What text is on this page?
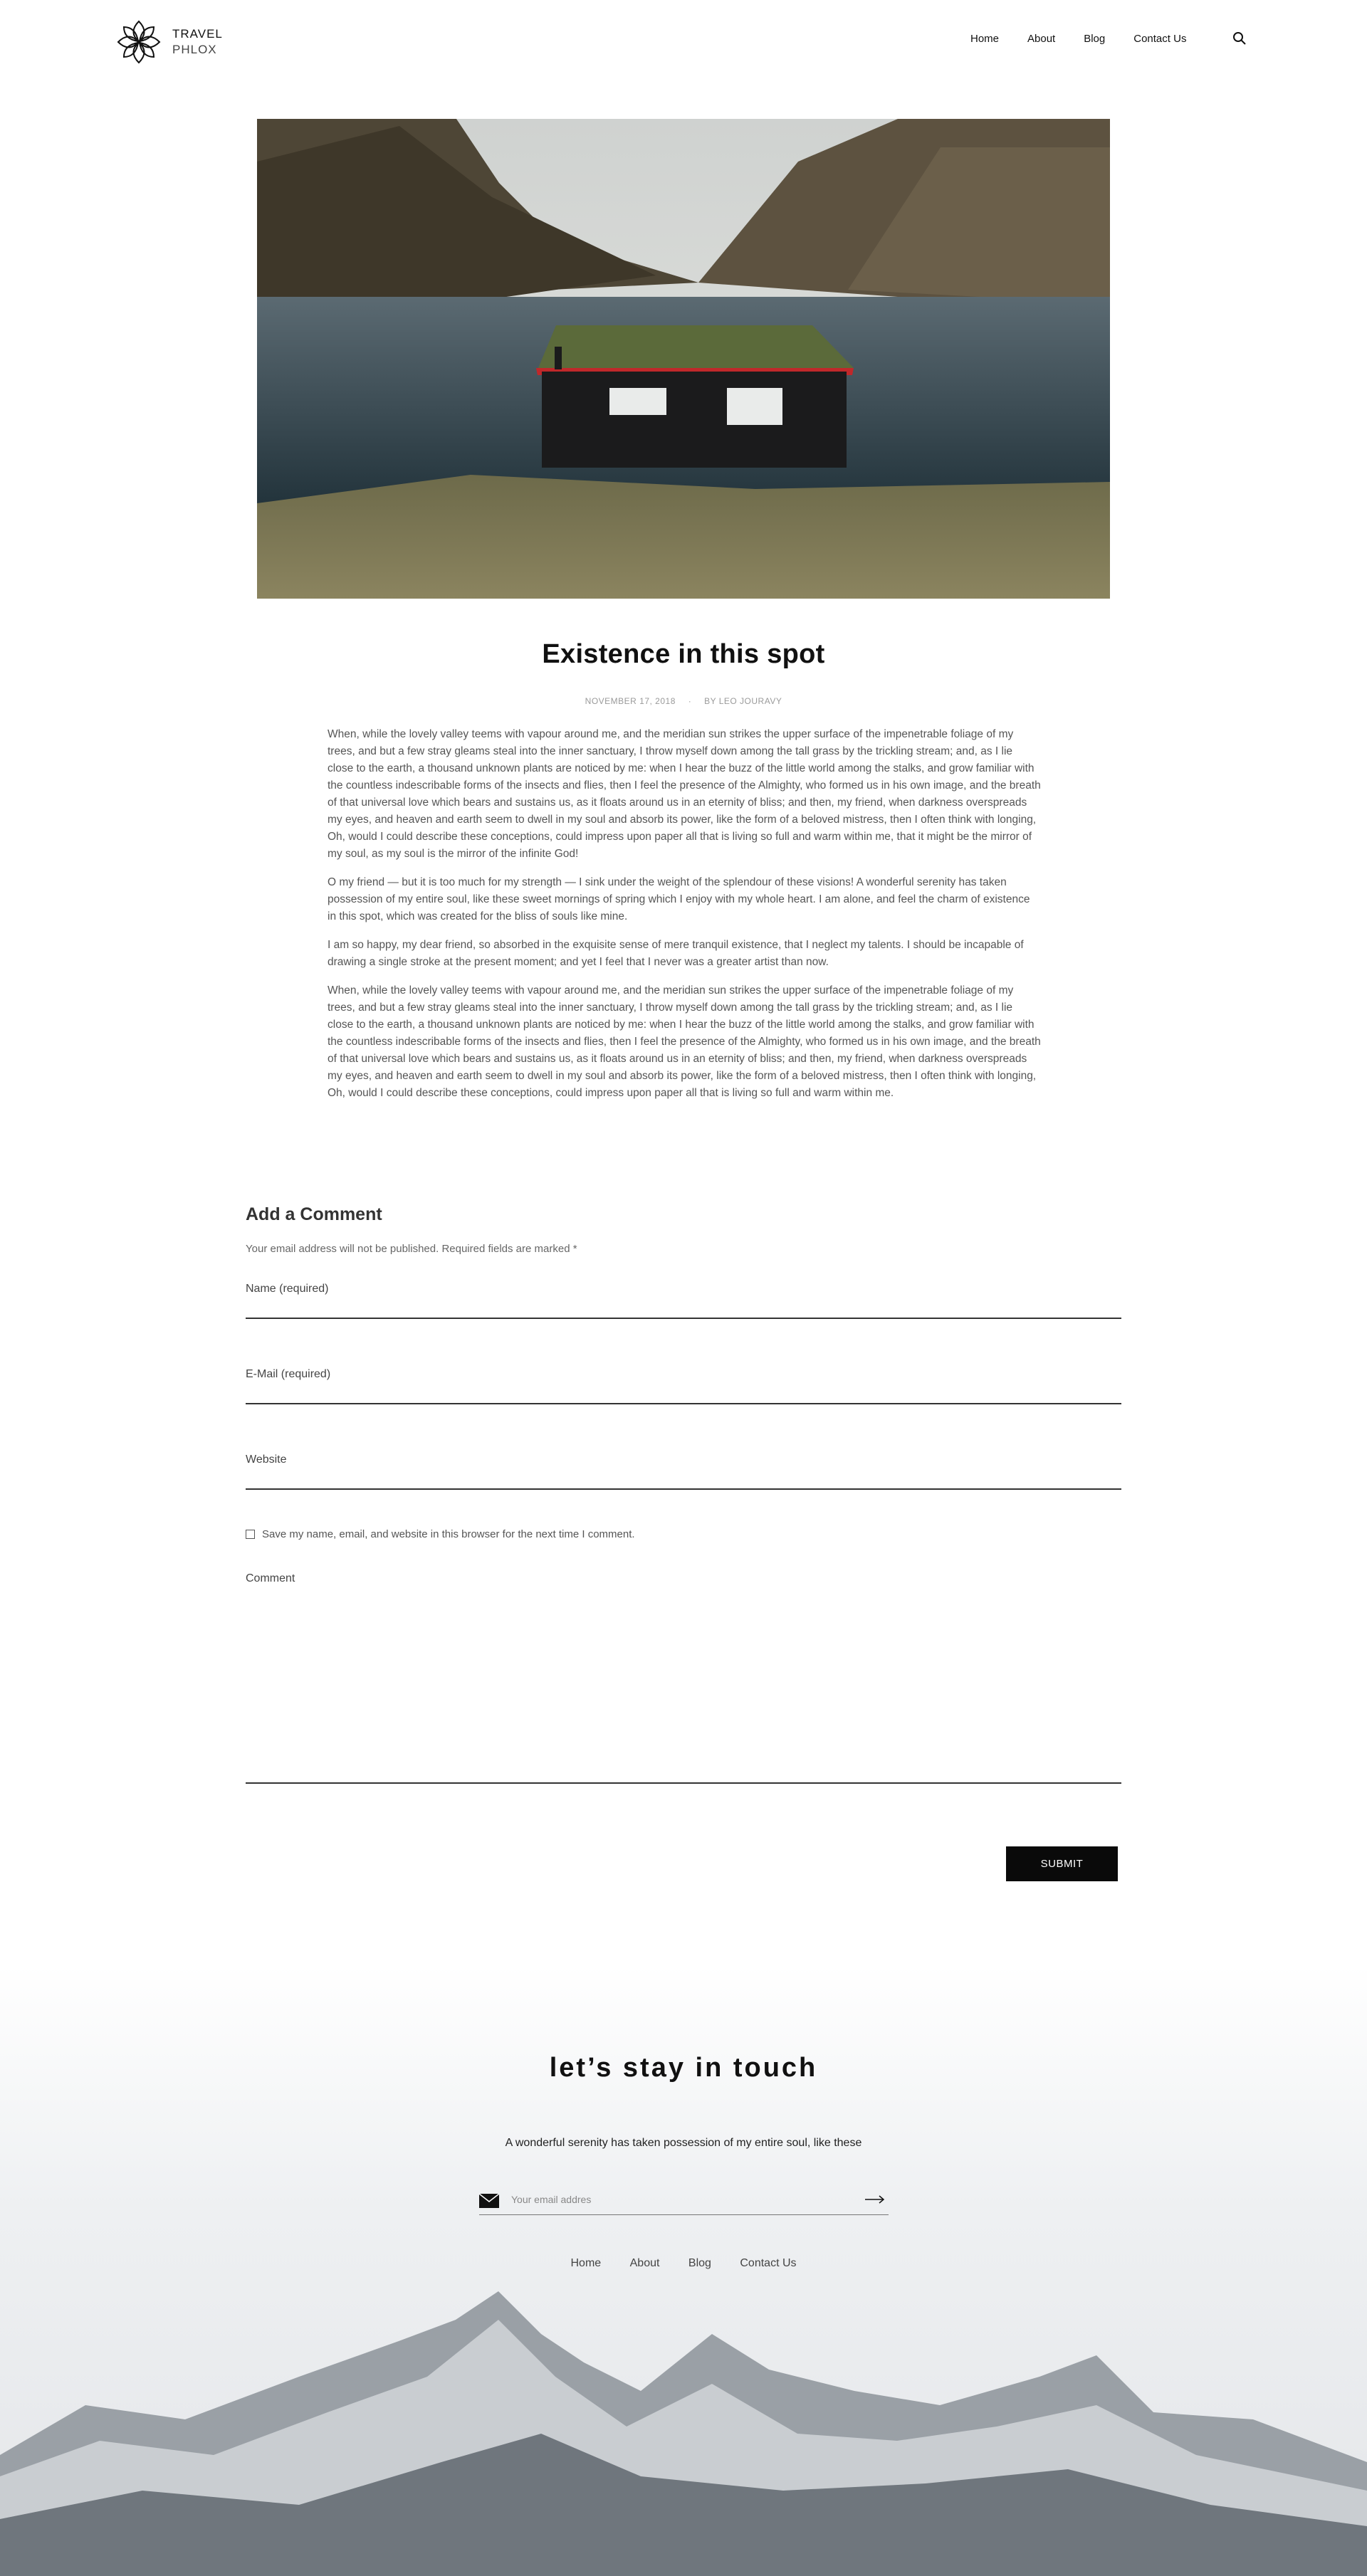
TRAVEL
PHLOX
Home	About	Blog	Contact Us
Existence in this spot
NOVEMBER 17, 2018 · BY LEO JOURAVY

When, while the lovely valley teems with vapour around me, and the meridian sun strikes the upper surface of the impenetrable foliage of my trees, and but a few stray gleams steal into the inner sanctuary, I throw myself down among the tall grass by the trickling stream; and, as I lie close to the earth, a thousand unknown plants are noticed by me: when I hear the buzz of the little world among the stalks, and grow familiar with the countless indescribable forms of the insects and flies, then I feel the presence of the Almighty, who formed us in his own image, and the breath of that universal love which bears and sustains us, as it floats around us in an eternity of bliss; and then, my friend, when darkness overspreads my eyes, and heaven and earth seem to dwell in my soul and absorb its power, like the form of a beloved mistress, then I often think with longing, Oh, would I could describe these conceptions, could impress upon paper all that is living so full and warm within me, that it might be the mirror of my soul, as my soul is the mirror of the infinite God!

O my friend — but it is too much for my strength — I sink under the weight of the splendour of these visions! A wonderful serenity has taken possession of my entire soul, like these sweet mornings of spring which I enjoy with my whole heart. I am alone, and feel the charm of existence in this spot, which was created for the bliss of souls like mine.

I am so happy, my dear friend, so absorbed in the exquisite sense of mere tranquil existence, that I neglect my talents. I should be incapable of drawing a single stroke at the present moment; and yet I feel that I never was a greater artist than now.

When, while the lovely valley teems with vapour around me, and the meridian sun strikes the upper surface of the impenetrable foliage of my trees, and but a few stray gleams steal into the inner sanctuary, I throw myself down among the tall grass by the trickling stream; and, as I lie close to the earth, a thousand unknown plants are noticed by me: when I hear the buzz of the little world among the stalks, and grow familiar with the countless indescribable forms of the insects and flies, then I feel the presence of the Almighty, who formed us in his own image, and the breath of that universal love which bears and sustains us, as it floats around us in an eternity of bliss; and then, my friend, when darkness overspreads my eyes, and heaven and earth seem to dwell in my soul and absorb its power, like the form of a beloved mistress, then I often think with longing, Oh, would I could describe these conceptions, could impress upon paper all that is living so full and warm within me.

Add a Comment
Your email address will not be published. Required fields are marked *
Name (required)
E-Mail (required)
Website
Save my name, email, and website in this browser for the next time I comment.
Comment
SUBMIT
let’s stay in touch

A wonderful serenity has taken possession of my entire soul, like these

Your email addres
Home	About	Blog	Contact Us
